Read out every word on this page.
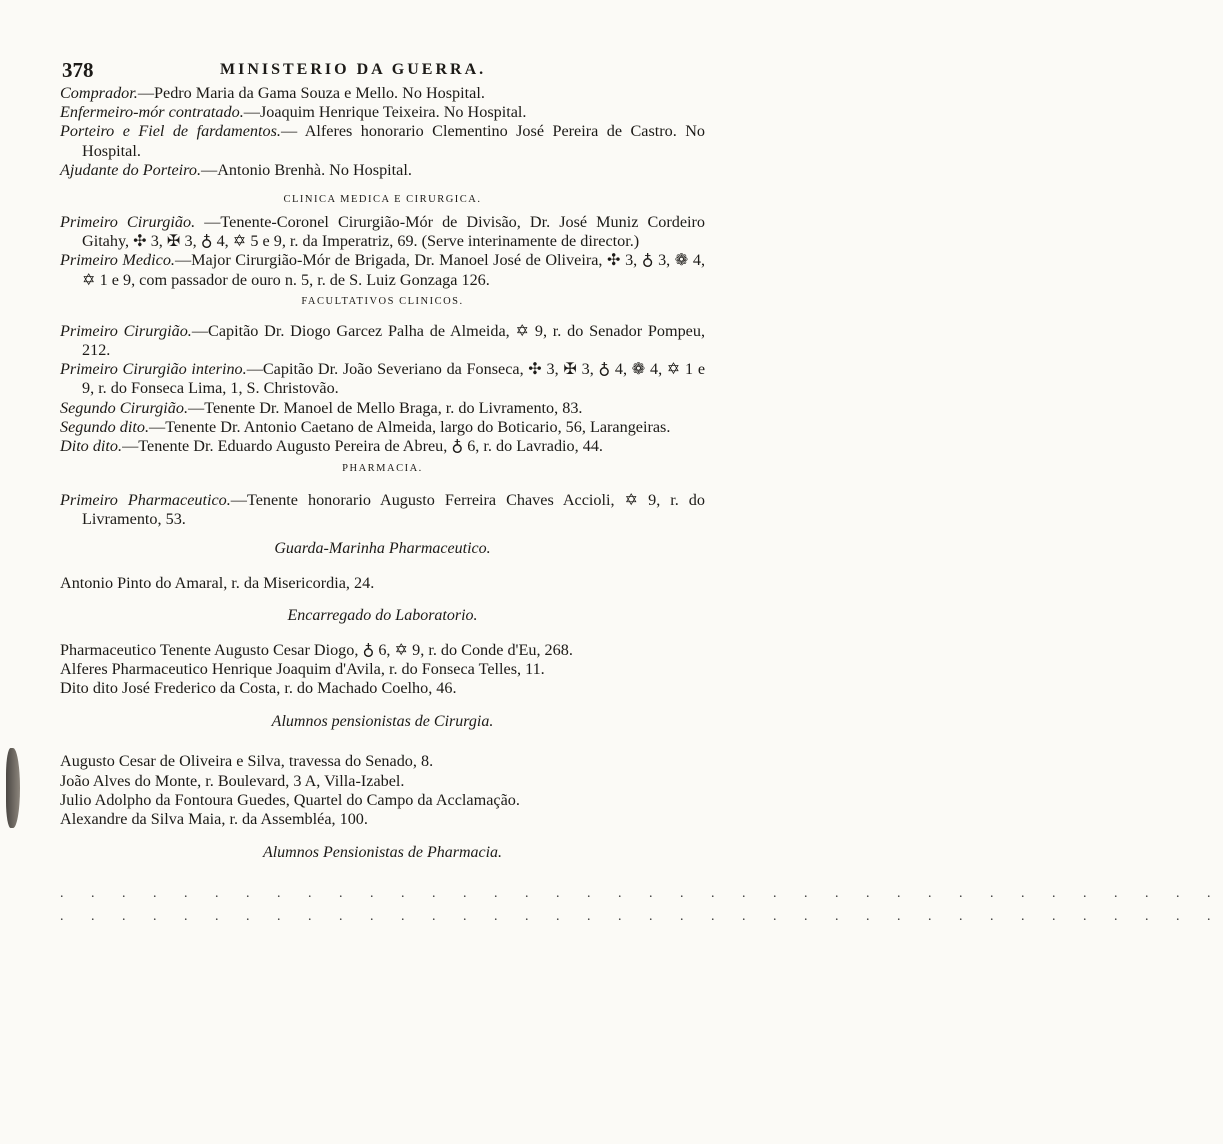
378	MINISTERIO DA GUERRA.

Comprador.—Pedro Maria da Gama Souza e Mello. No Hospital.

Enfermeiro-mór contratado.—Joaquim Henrique Teixeira. No Hospital.

Porteiro e Fiel de fardamentos.— Alferes honorario Clementino José Pereira de Castro. No Hospital.

Ajudante do Porteiro.—Antonio Brenhà. No Hospital.

CLINICA MEDICA E CIRURGICA.

Primeiro Cirurgião. —Tenente-Coronel Cirurgião-Mór de Divisão, Dr. José Muniz Cordeiro Gitahy, ✣ 3, ✠ 3, ♁ 4, ✡ 5 e 9, r. da Imperatriz, 69. (Serve interinamente de director.)

Primeiro Medico.—Major Cirurgião-Mór de Brigada, Dr. Manoel José de Oliveira, ✣ 3, ♁ 3, ❁ 4, ✡ 1 e 9, com passador de ouro n. 5, r. de S. Luiz Gonzaga 126.

FACULTATIVOS CLINICOS.

Primeiro Cirurgião.—Capitão Dr. Diogo Garcez Palha de Almeida, ✡ 9, r. do Senador Pompeu, 212.

Primeiro Cirurgião interino.—Capitão Dr. João Severiano da Fonseca, ✣ 3, ✠ 3, ♁ 4, ❁ 4, ✡ 1 e 9, r. do Fonseca Lima, 1, S. Christovão.

Segundo Cirurgião.—Tenente Dr. Manoel de Mello Braga, r. do Livramento, 83.

Segundo dito.—Tenente Dr. Antonio Caetano de Almeida, largo do Boticario, 56, Larangeiras.

Dito dito.—Tenente Dr. Eduardo Augusto Pereira de Abreu, ♁ 6, r. do Lavradio, 44.

PHARMACIA.

Primeiro Pharmaceutico.—Tenente honorario Augusto Ferreira Chaves Accioli, ✡ 9, r. do Livramento, 53.

Guarda-Marinha Pharmaceutico.

Antonio Pinto do Amaral, r. da Misericordia, 24.

Encarregado do Laboratorio.

Pharmaceutico Tenente Augusto Cesar Diogo, ♁ 6, ✡ 9, r. do Conde d'Eu, 268.

Alferes Pharmaceutico Henrique Joaquim d'Avila, r. do Fonseca Telles, 11.

Dito dito José Frederico da Costa, r. do Machado Coelho, 46.

Alumnos pensionistas de Cirurgia.

Augusto Cesar de Oliveira e Silva, travessa do Senado, 8.

João Alves do Monte, r. Boulevard, 3 A, Villa-Izabel.

Julio Adolpho da Fontoura Guedes, Quartel do Campo da Acclamação.

Alexandre da Silva Maia, r. da Assembléa, 100.

Alumnos Pensionistas de Pharmacia.
. . . . . . . . . . . . . . . . . . . . . . . . . . . . . . . . . . . . . .
. . . . . . . . . . . . . . . . . . . . . . . . . . . . . . . . . . . . . .
